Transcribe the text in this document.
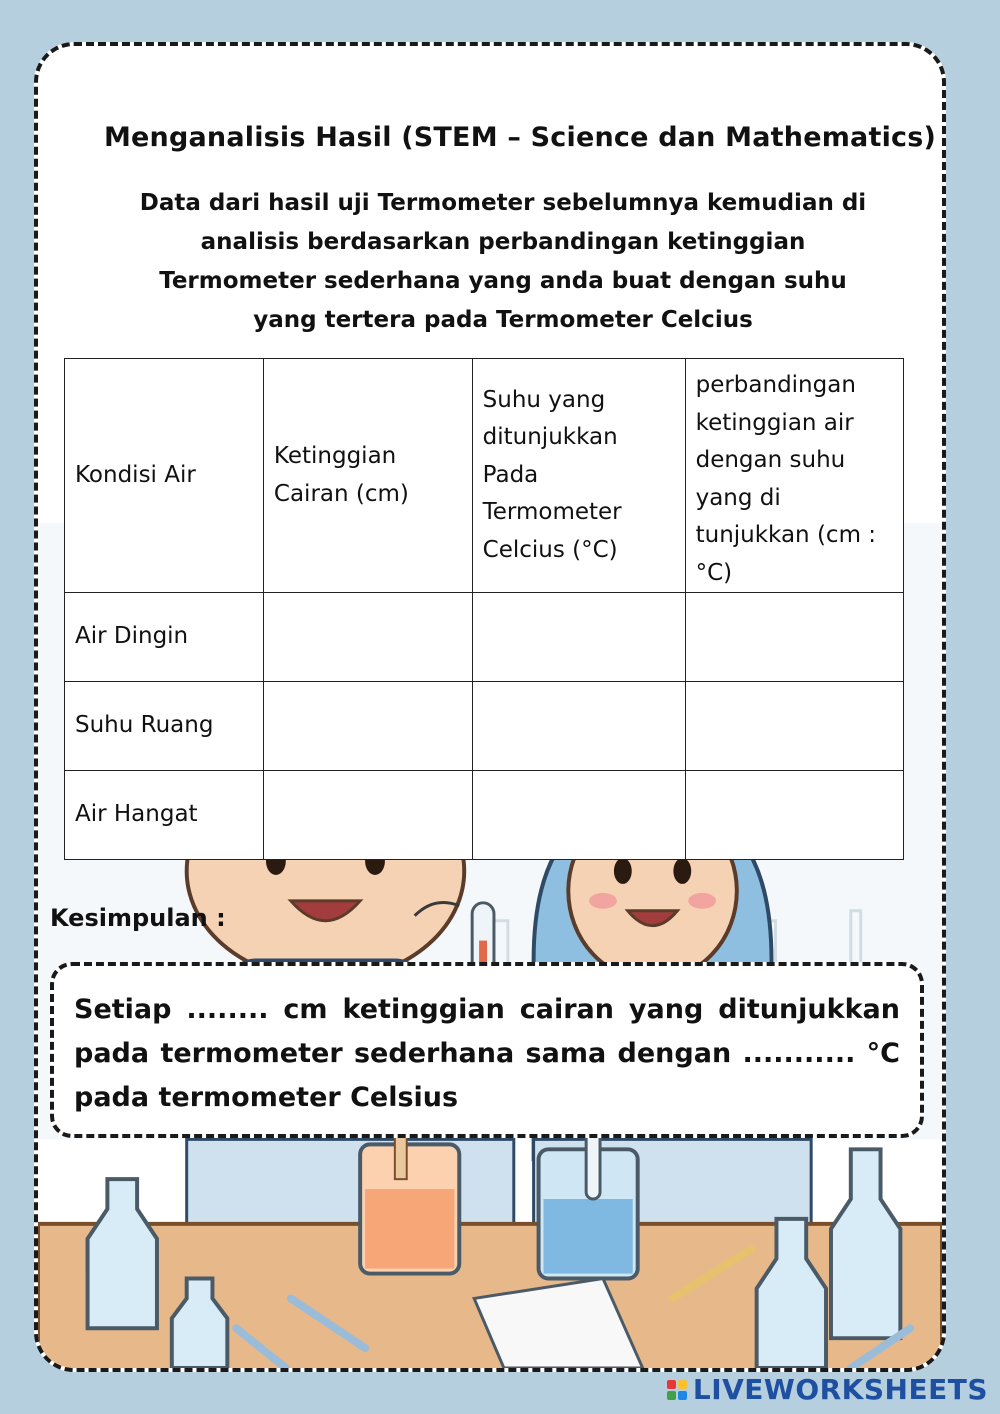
Menganalisis Hasil (STEM – Science dan Mathematics)
Data dari hasil uji Termometer sebelumnya kemudian di analisis berdasarkan perbandingan ketinggian Termometer sederhana yang anda buat dengan suhu yang tertera pada Termometer Celcius
Kondisi Air	Ketinggian Cairan (cm)	Suhu yang ditunjukkan Pada Termometer Celcius (°C)	perbandingan ketinggian air dengan suhu yang di tunjukkan (cm : °C)
Air Dingin			
Suhu Ruang			
Air Hangat			
Kesimpulan :
Setiap ........ cm ketinggian cairan yang ditunjukkan pada termometer sederhana sama dengan ........... °C pada termometer Celsius
LIVEWORKSHEETS
